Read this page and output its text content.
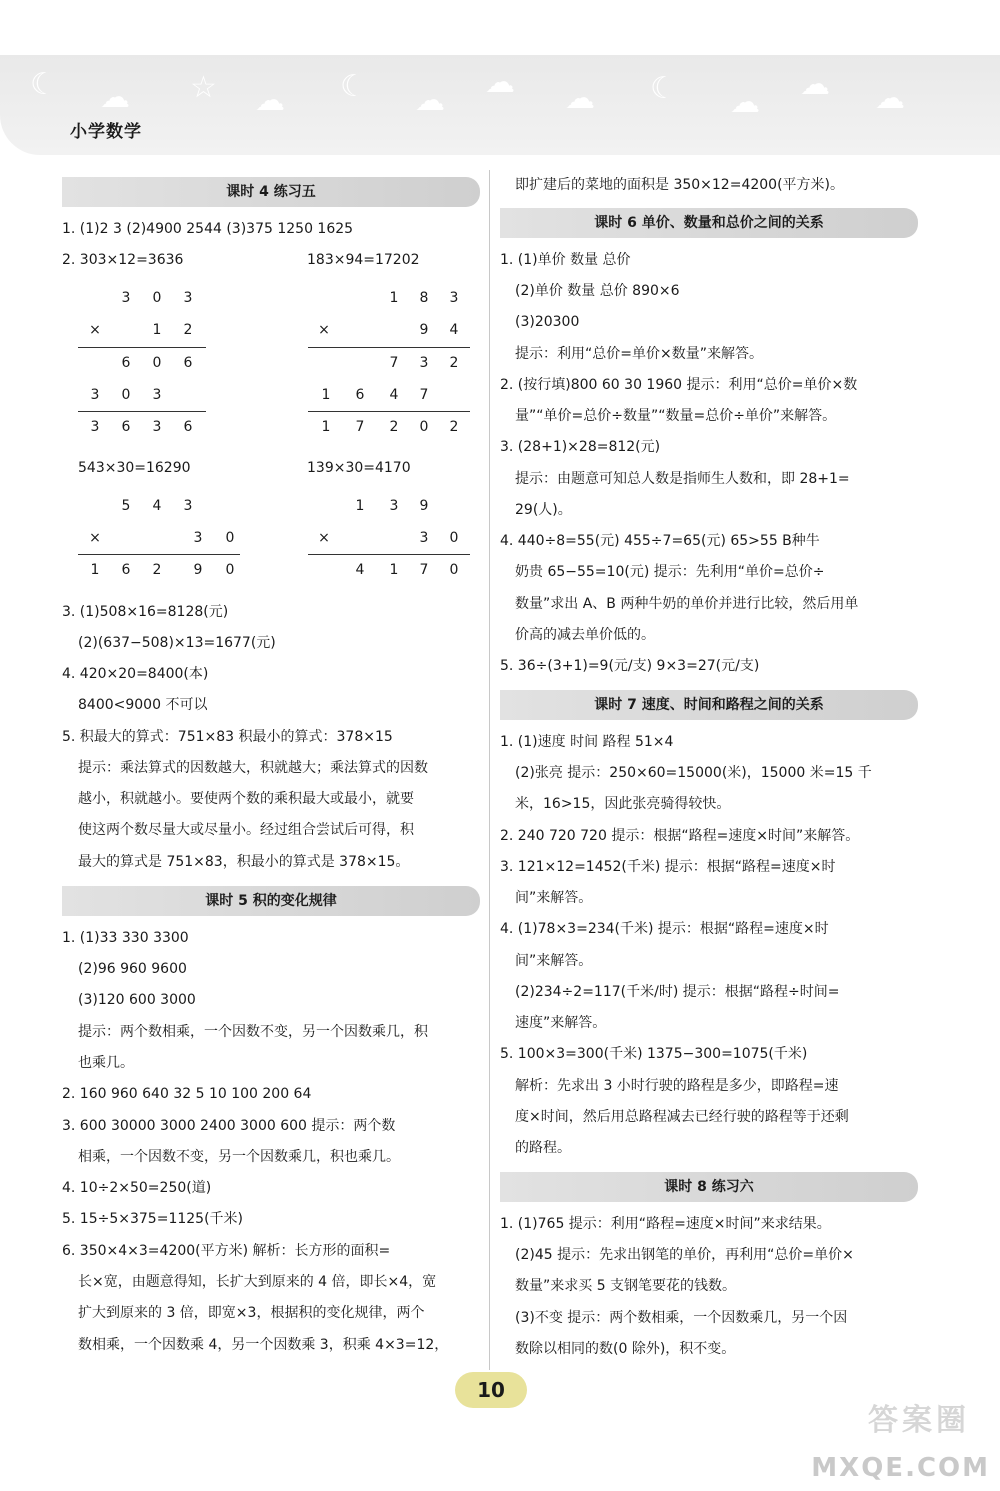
☾ ☁ ☆ ☁ ☾ ☁
☁ ☁ ☾ ☁
☁ ☁
小学数学
课时 4 练习五
1. (1)2 3 (2)4900 2544 (3)375 1250 1625
2. 303×12=3636	183×94=17202
3 0 3
×	1 2
6 0 6
3 0 3
3 6 3 6
1 8 3
×	9 4
7 3 2
1 6 4 7
1 7 2 0 2
543×30=16290	139×30=4170
5 4 3
×	3 0
1 6 2 9 0
1 3 9
×	3 0
4 1 7 0
3. (1)508×16=8128(元)
(2)(637−508)×13=1677(元)
4. 420×20=8400(本)
8400<9000 不可以
5. 积最大的算式：751×83 积最小的算式：378×15
提示：乘法算式的因数越大，积就越大；乘法算式的因数
越小，积就越小。要使两个数的乘积最大或最小，就要
使这两个数尽量大或尽量小。经过组合尝试后可得，积
最大的算式是 751×83，积最小的算式是 378×15。
课时 5 积的变化规律
1. (1)33 330 3300
(2)96 960 9600
(3)120 600 3000
提示：两个数相乘，一个因数不变，另一个因数乘几，积
也乘几。
2. 160 960 640 32 5 10 100 200 64
3. 600 30000 3000 2400 3000 600 提示：两个数
相乘，一个因数不变，另一个因数乘几，积也乘几。
4. 10÷2×50=250(道)
5. 15÷5×375=1125(千米)
6. 350×4×3=4200(平方米) 解析：长方形的面积=
长×宽，由题意得知，长扩大到原来的 4 倍，即长×4，宽
扩大到原来的 3 倍，即宽×3，根据积的变化规律，两个
数相乘，一个因数乘 4，另一个因数乘 3，积乘 4×3=12，
即扩建后的菜地的面积是 350×12=4200(平方米)。
课时 6 单价、数量和总价之间的关系
1. (1)单价 数量 总价
(2)单价 数量 总价 890×6
(3)20300
提示：利用“总价=单价×数量”来解答。
2. (按行填)800 60 30 1960 提示：利用“总价=单价×数
量”“单价=总价÷数量”“数量=总价÷单价”来解答。
3. (28+1)×28=812(元)
提示：由题意可知总人数是指师生人数和，即 28+1=
29(人)。
4. 440÷8=55(元) 455÷7=65(元) 65>55 B种牛
奶贵 65−55=10(元) 提示：先利用“单价=总价÷
数量”求出 A、B 两种牛奶的单价并进行比较，然后用单
价高的减去单价低的。
5. 36÷(3+1)=9(元/支) 9×3=27(元/支)
课时 7 速度、时间和路程之间的关系
1. (1)速度 时间 路程 51×4
(2)张亮 提示：250×60=15000(米)，15000 米=15 千
米，16>15，因此张亮骑得较快。
2. 240 720 720 提示：根据“路程=速度×时间”来解答。
3. 121×12=1452(千米) 提示：根据“路程=速度×时
间”来解答。
4. (1)78×3=234(千米) 提示：根据“路程=速度×时
间”来解答。
(2)234÷2=117(千米/时) 提示：根据“路程÷时间=
速度”来解答。
5. 100×3=300(千米) 1375−300=1075(千米)
解析：先求出 3 小时行驶的路程是多少，即路程=速
度×时间，然后用总路程减去已经行驶的路程等于还剩
的路程。
课时 8 练习六
1. (1)765 提示：利用“路程=速度×时间”来求结果。
(2)45 提示：先求出钢笔的单价，再利用“总价=单价×
数量”来求买 5 支钢笔要花的钱数。
(3)不变 提示：两个数相乘，一个因数乘几，另一个因
数除以相同的数(0 除外)，积不变。
10
答案圈
MXQE.COM
